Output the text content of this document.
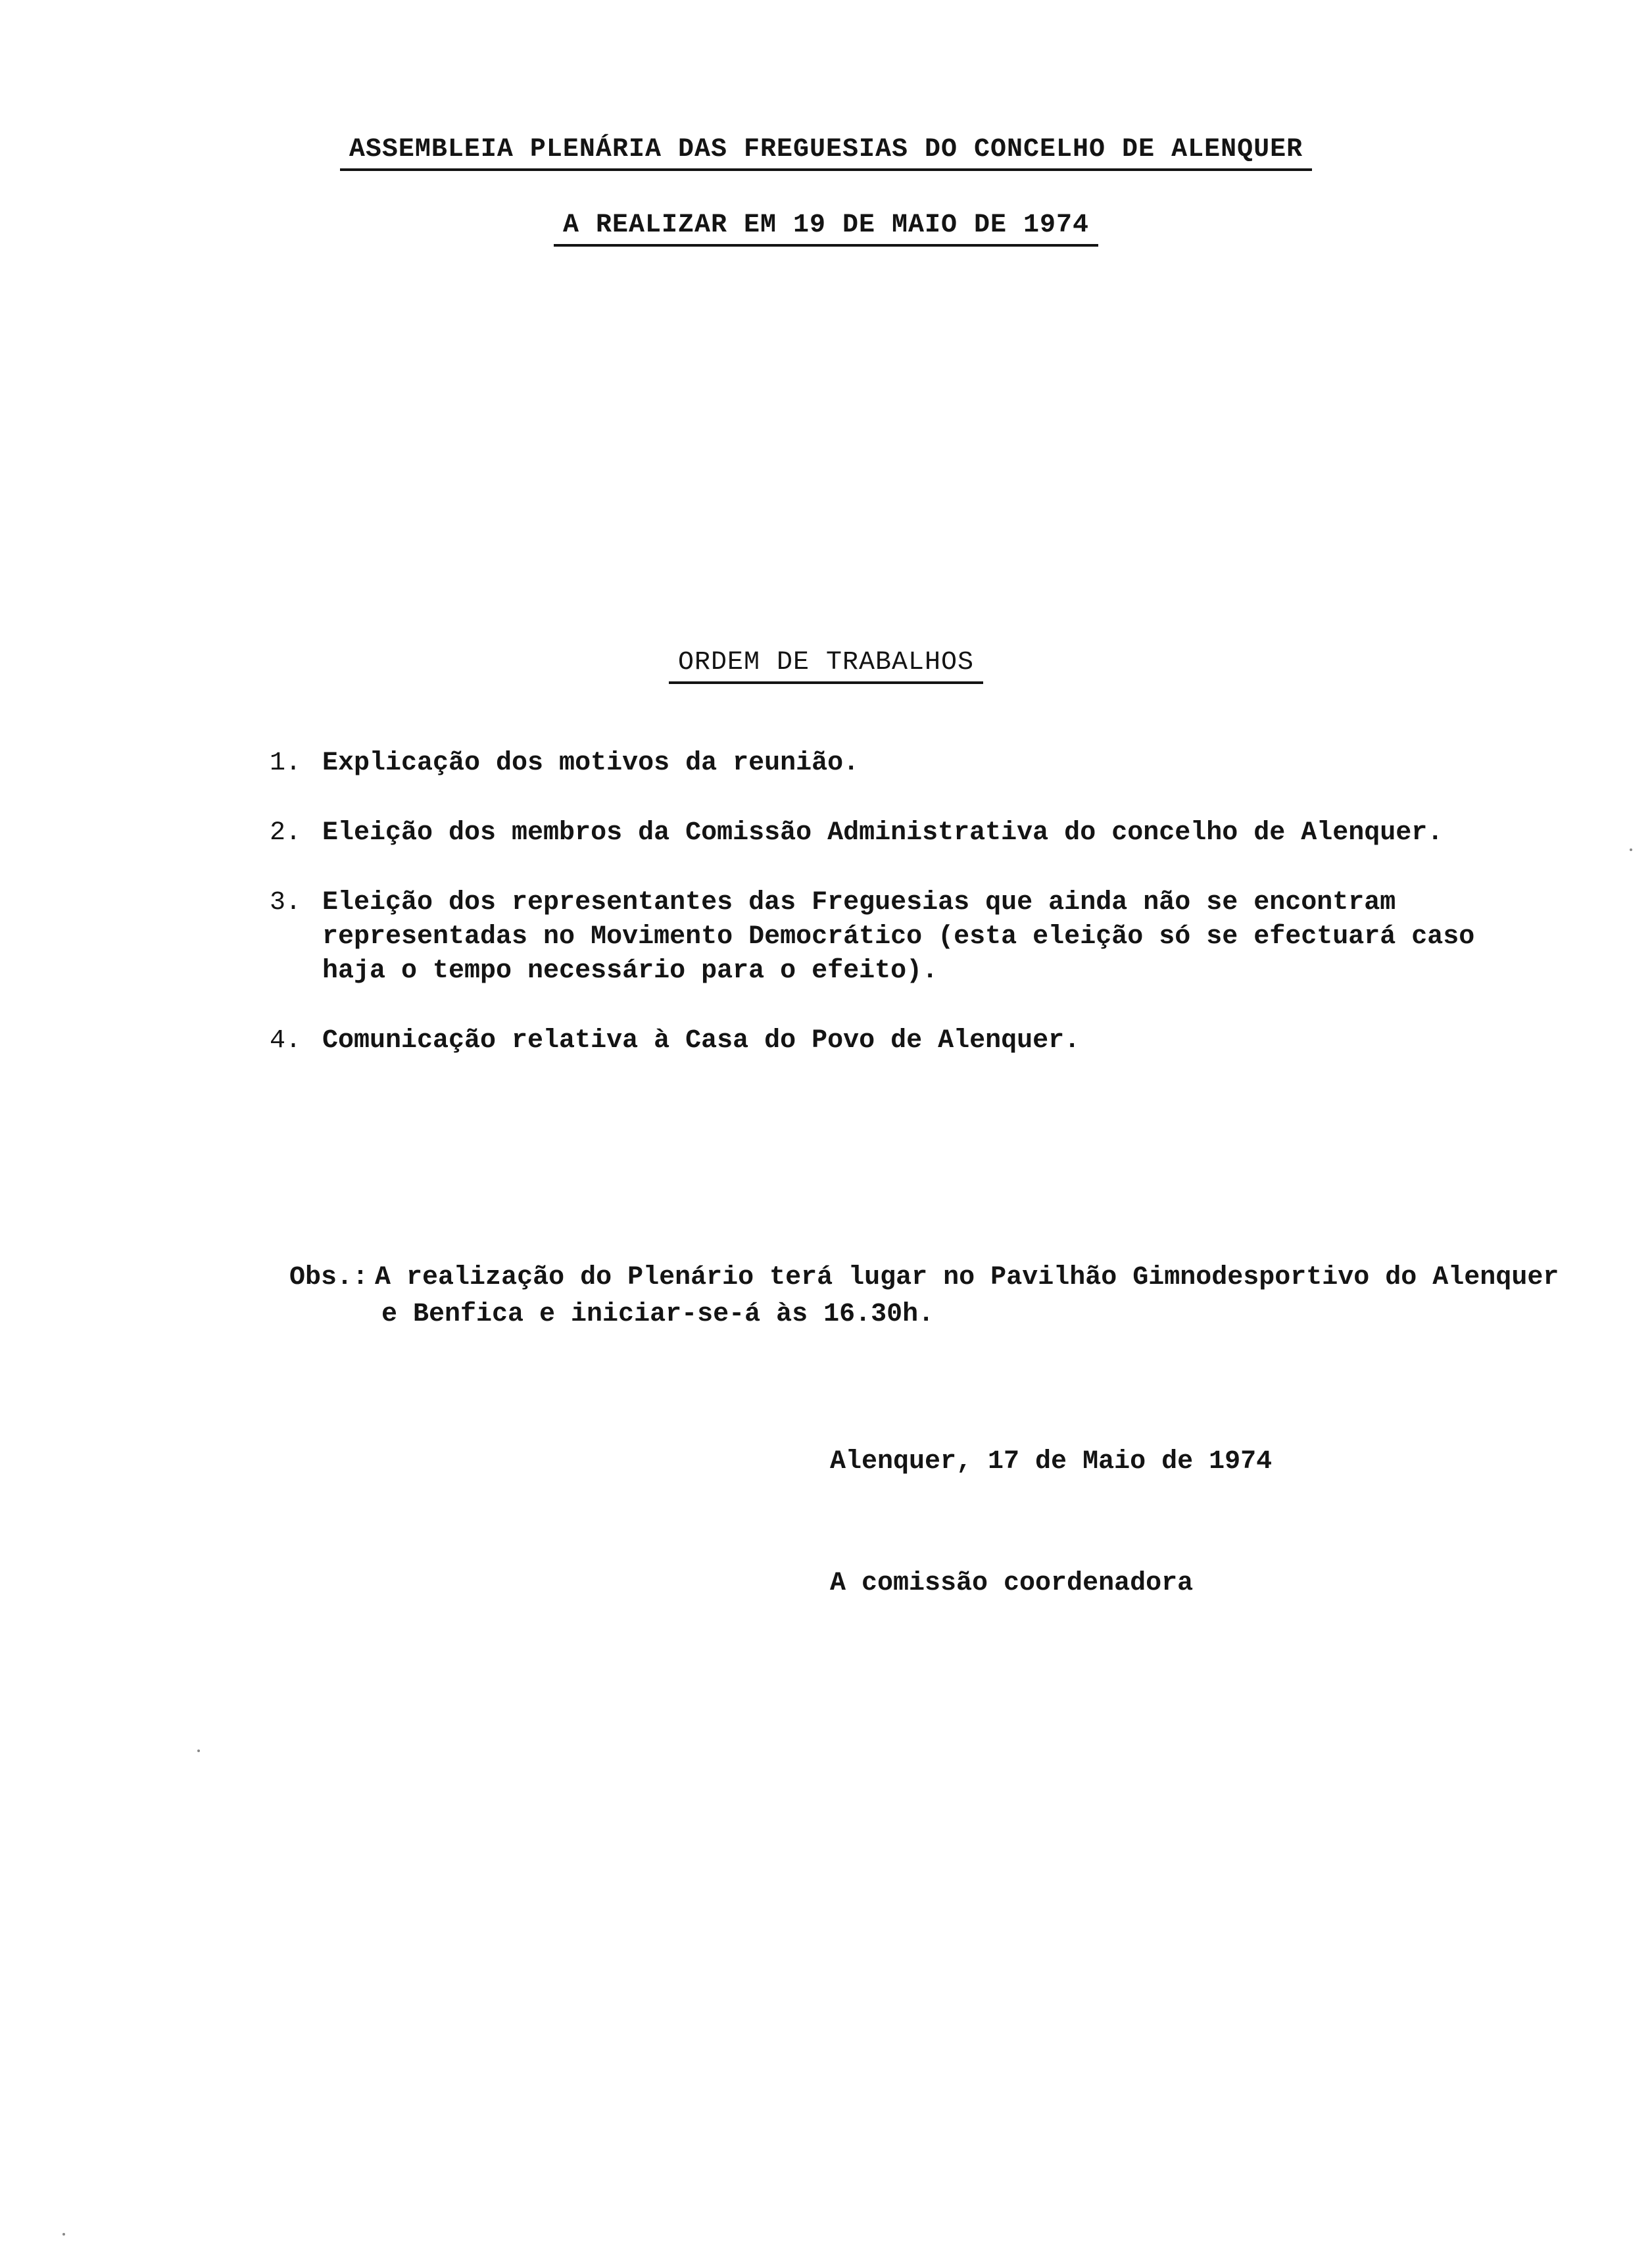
ASSEMBLEIA PLENÁRIA DAS FREGUESIAS DO CONCELHO DE ALENQUER
A REALIZAR EM 19 DE MAIO DE 1974
ORDEM DE TRABALHOS
1. Explicação dos motivos da reunião.
2. Eleição dos membros da Comissão Administrativa do concelho de Alenquer.
3. Eleição dos representantes das Freguesias que ainda não se encontram representadas no Movimento Democrático (esta eleição só se efectuará caso haja o tempo necessário para o efeito).
4. Comunicação relativa à Casa do Povo de Alenquer.
Obs.: A realização do Plenário terá lugar no Pavilhão Gimnodesportivo do Alenquer
e Benfica e iniciar-se-á às 16.30h.
Alenquer, 17 de Maio de 1974
A comissão coordenadora
